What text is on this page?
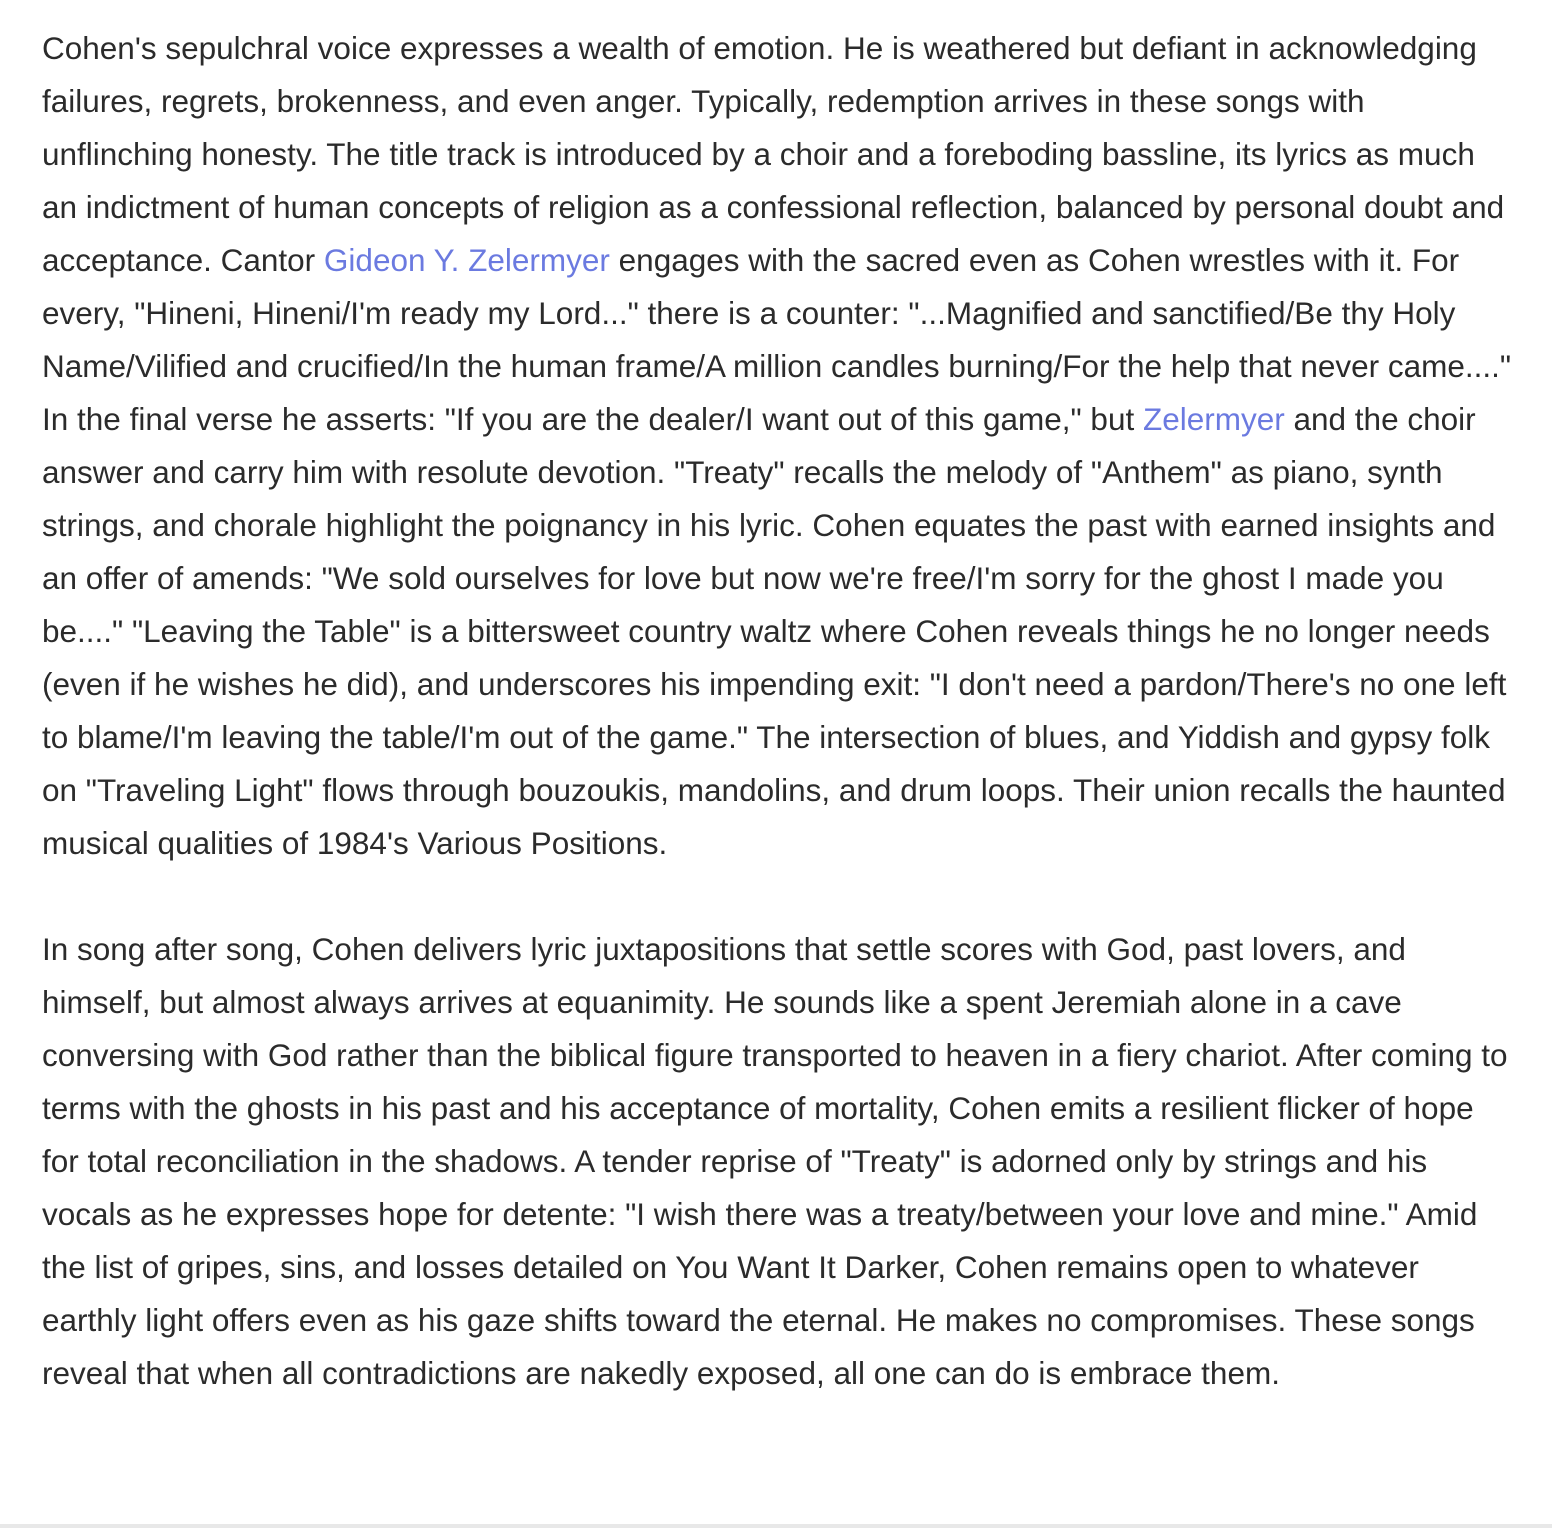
Cohen's sepulchral voice expresses a wealth of emotion. He is weathered but defiant in acknowledging failures, regrets, brokenness, and even anger. Typically, redemption arrives in these songs with unflinching honesty. The title track is introduced by a choir and a foreboding bassline, its lyrics as much an indictment of human concepts of religion as a confessional reflection, balanced by personal doubt and acceptance. Cantor Gideon Y. Zelermyer engages with the sacred even as Cohen wrestles with it. For every, "Hineni, Hineni/I'm ready my Lord..." there is a counter: "...Magnified and sanctified/Be thy Holy Name/Vilified and crucified/In the human frame/A million candles burning/For the help that never came...." In the final verse he asserts: "If you are the dealer/I want out of this game," but Zelermyer and the choir answer and carry him with resolute devotion. "Treaty" recalls the melody of "Anthem" as piano, synth strings, and chorale highlight the poignancy in his lyric. Cohen equates the past with earned insights and an offer of amends: "We sold ourselves for love but now we're free/I'm sorry for the ghost I made you be...." "Leaving the Table" is a bittersweet country waltz where Cohen reveals things he no longer needs (even if he wishes he did), and underscores his impending exit: "I don't need a pardon/There's no one left to blame/I'm leaving the table/I'm out of the game." The intersection of blues, and Yiddish and gypsy folk on "Traveling Light" flows through bouzoukis, mandolins, and drum loops. Their union recalls the haunted musical qualities of 1984's Various Positions.

In song after song, Cohen delivers lyric juxtapositions that settle scores with God, past lovers, and himself, but almost always arrives at equanimity. He sounds like a spent Jeremiah alone in a cave conversing with God rather than the biblical figure transported to heaven in a fiery chariot. After coming to terms with the ghosts in his past and his acceptance of mortality, Cohen emits a resilient flicker of hope for total reconciliation in the shadows. A tender reprise of "Treaty" is adorned only by strings and his vocals as he expresses hope for detente: "I wish there was a treaty/between your love and mine." Amid the list of gripes, sins, and losses detailed on You Want It Darker, Cohen remains open to whatever earthly light offers even as his gaze shifts toward the eternal. He makes no compromises. These songs reveal that when all contradictions are nakedly exposed, all one can do is embrace them.
